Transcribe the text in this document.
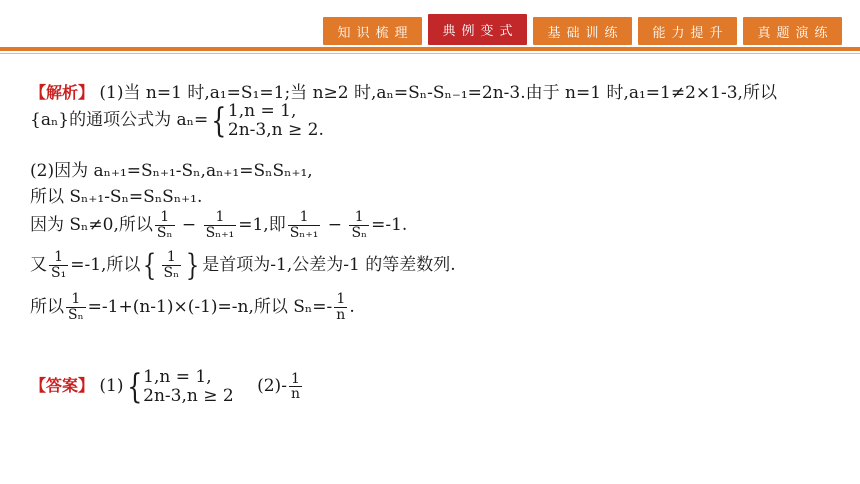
知识梳理	典例变式	基础训练	能力提升	真题演练
【解析】 (1)当 n=1 时,a₁=S₁=1;当 n≥2 时,aₙ=Sₙ-Sₙ₋₁=2n-3.由于 n=1 时,a₁=1≠2×1-3,所以
{aₙ}的通项公式为 aₙ={ 1,n = 1,
2n-3,n ≥ 2.
(2)因为 aₙ₊₁=Sₙ₊₁-Sₙ,aₙ₊₁=SₙSₙ₊₁,
所以 Sₙ₊₁-Sₙ=SₙSₙ₊₁.
因为 Sₙ≠0,所以 $\frac{1}{\text{Sₙ}} - \frac{1}{\text{Sₙ₊₁}} =1$,即 $\frac{1}{\text{Sₙ₊₁}} - \frac{1}{\text{Sₙ}} =-1$.
又 $\frac{1}{\text{S₁}} =-1$,所以{ $\frac{1}{\text{Sₙ}}$ } 是首项为-1,公差为-1 的等差数列.
所以 $\frac{1}{\text{Sₙ}} =-1+(n-1)\times(-1)=-n$,所以 $S_n=- \frac{1}{n}$ .
【答案】 (1){ 1,n = 1,
2n-3,n ≥ 2 $(2)- \frac{1}{n}$
